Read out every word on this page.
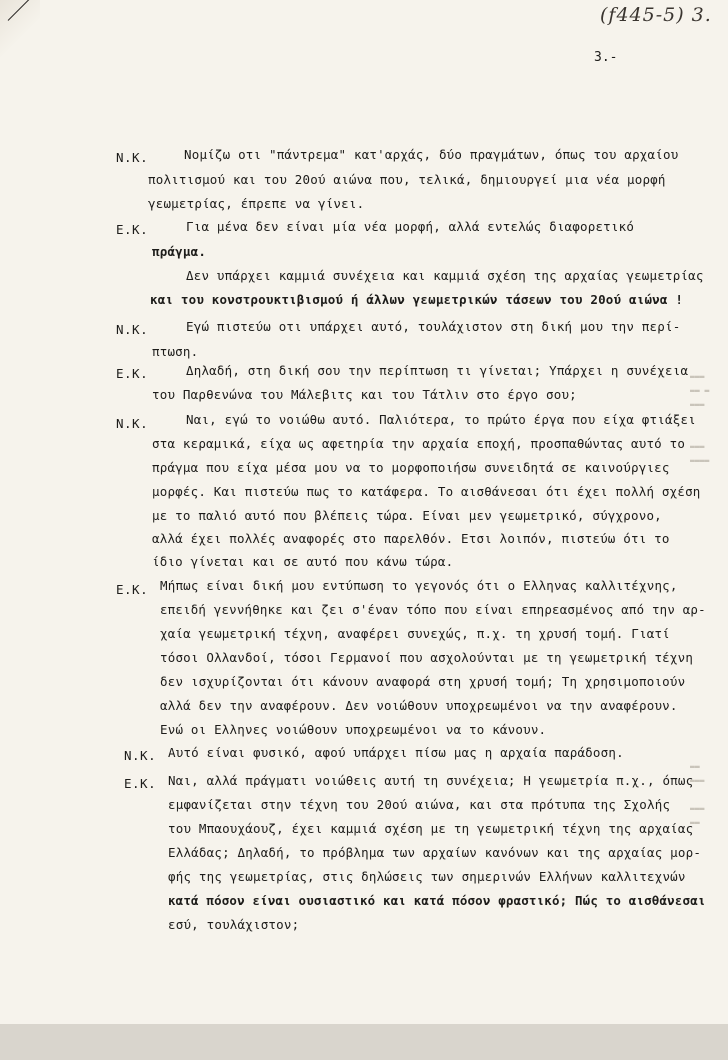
(f445-5) 3.
3.-
▬▬▬
▬▬ ▬
▬▬▬

▬▬▬
▬▬▬▬
▬▬
▬▬▬

▬▬▬
▬▬
Ν.Κ.	Νομίζω οτι "πάντρεμα" κατ'αρχάς, δύο πραγμάτων, όπως του αρχαίου
πολιτισμού και του 20ού αιώνα που, τελικά, δημιουργεί μια νέα μορφή
γεωμετρίας, έπρεπε να γίνει.
Ε.Κ.	Για μένα δεν είναι μία νέα μορφή, αλλά εντελώς διαφορετικό
πράγμα.
Δεν υπάρχει καμμιά συνέχεια και καμμιά σχέση της αρχαίας γεωμετρίας
και του κονστρουκτιβισμού ή άλλων γεωμετρικών τάσεων του 20ού αιώνα !
Ν.Κ.	Εγώ πιστεύω οτι υπάρχει αυτό, τουλάχιστον στη δική μου την περί-
πτωση.
Ε.Κ.	Δηλαδή, στη δική σου την περίπτωση τι γίνεται; Υπάρχει η συνέχεια
του Παρθενώνα του Μάλεβιτς και του Τάτλιν στο έργο σου;
Ν.Κ.	Ναι, εγώ το νοιώθω αυτό. Παλιότερα, το πρώτο έργα που είχα φτιάξει
στα κεραμικά, είχα ως αφετηρία την αρχαία εποχή, προσπαθώντας αυτό το
πράγμα που είχα μέσα μου να το μορφοποιήσω συνειδητά σε καινούργιες
μορφές. Και πιστεύω πως το κατάφερα. Το αισθάνεσαι ότι έχει πολλή σχέση
με το παλιό αυτό που βλέπεις τώρα. Είναι μεν γεωμετρικό, σύγχρονο,
αλλά έχει πολλές αναφορές στο παρελθόν. Ετσι λοιπόν, πιστεύω ότι το
ίδιο γίνεται και σε αυτό που κάνω τώρα.
Ε.Κ. Μήπως είναι δική μου εντύπωση το γεγονός ότι ο Ελληνας καλλιτέχνης,
επειδή γεννήθηκε και ζει σ'έναν τόπο που είναι επηρεασμένος από την αρ-
χαία γεωμετρική τέχνη, αναφέρει συνεχώς, π.χ. τη χρυσή τομή. Γιατί
τόσοι Ολλανδοί, τόσοι Γερμανοί που ασχολούνται με τη γεωμετρική τέχνη
δεν ισχυρίζονται ότι κάνουν αναφορά στη χρυσή τομή; Τη χρησιμοποιούν
αλλά δεν την αναφέρουν. Δεν νοιώθουν υποχρεωμένοι να την αναφέρουν.
Ενώ οι Ελληνες νοιώθουν υποχρεωμένοι να το κάνουν.
Ν.Κ. Αυτό είναι φυσικό, αφού υπάρχει πίσω μας η αρχαία παράδοση.
Ε.Κ. Ναι, αλλά πράγματι νοιώθεις αυτή τη συνέχεια; Η γεωμετρία π.χ., όπως
εμφανίζεται στην τέχνη του 20ού αιώνα, και στα πρότυπα της Σχολής
του Μπαουχάουζ, έχει καμμιά σχέση με τη γεωμετρική τέχνη της αρχαίας
Ελλάδας; Δηλαδή, το πρόβλημα των αρχαίων κανόνων και της αρχαίας μορ-
φής της γεωμετρίας, στις δηλώσεις των σημερινών Ελλήνων καλλιτεχνών
κατά πόσον είναι ουσιαστικό και κατά πόσον φραστικό; Πώς το αισθάνεσαι
εσύ, τουλάχιστον;
